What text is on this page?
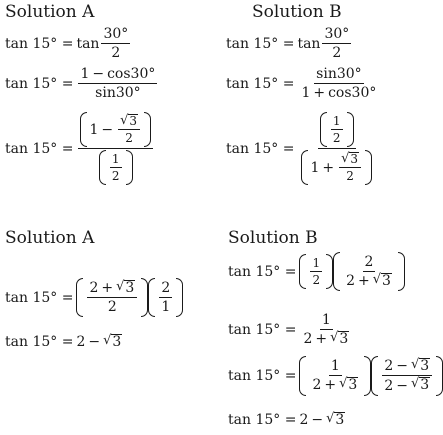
Solution A
$\tan 15^\circ = \tan \frac{30^\circ}{2}$
$\tan 15^\circ = \frac{1 - \cos 30^\circ}{\sin 30^\circ}$
tan 15° =
$1 - \frac{√ 3}{2}$
$\frac{1}{2}$
Solution B
$\tan 15^\circ = \tan \frac{30^\circ}{2}$
$\tan 15^\circ = \frac{\sin 30^\circ}{1 + \cos 30^\circ}$
tan 15° =
$\frac{1}{2}$
$1 + \frac{√ 3}{2}$
Solution A
$\tan 15^\circ = \frac{2 + √ 3}{2} \frac{2}{1}$
tan 15° = 2 − √ 3
Solution B
$\tan 15^\circ = \frac{1}{2} \frac{2}{2 + √ 3}$
$\tan 15^\circ = \frac{1}{2 + √ 3}$
$\tan 15^\circ = \frac{1}{2 + √ 3} \frac{2 - √ 3}{2 - √ 3}$
tan 15° = 2 − √ 3
